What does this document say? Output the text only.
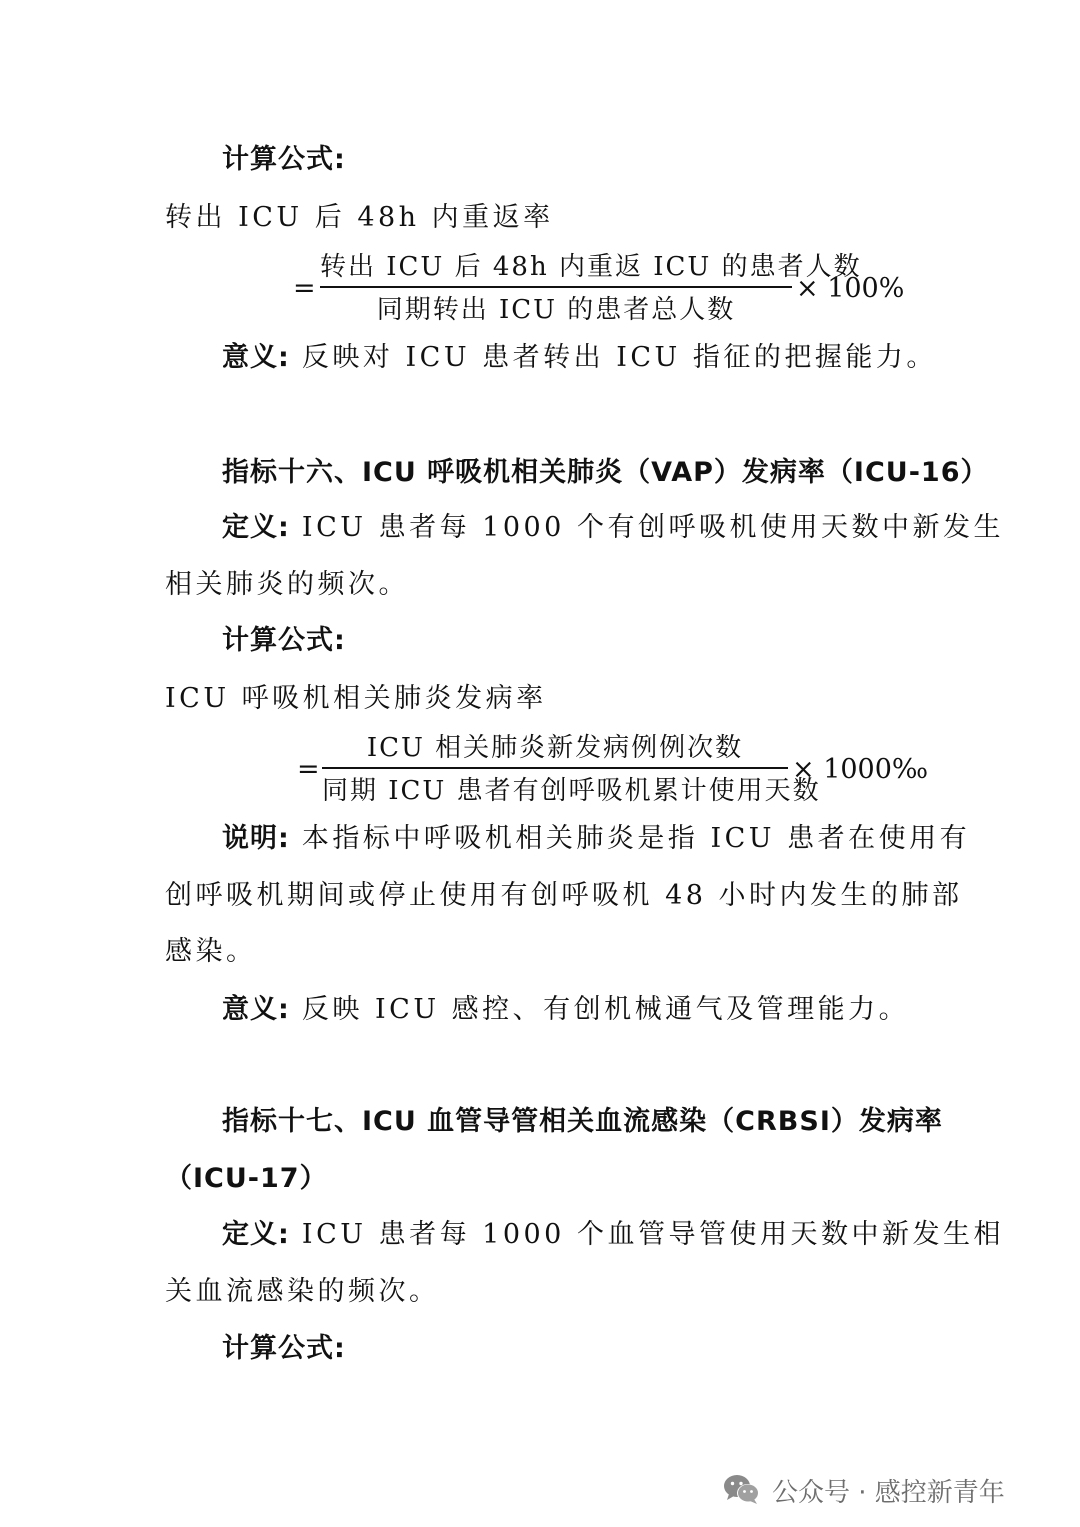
计算公式:
转出 ICU 后 48h 内重返率
=
转出 ICU 后 48h 内重返 ICU 的患者人数
同期转出 ICU 的患者总人数
× 100%
意义: 反映对 ICU 患者转出 ICU 指征的把握能力。
指标十六、ICU 呼吸机相关肺炎（VAP）发病率（ICU-16）
定义: ICU 患者每 1000 个有创呼吸机使用天数中新发生
相关肺炎的频次。
计算公式:
ICU 呼吸机相关肺炎发病率
=
ICU 相关肺炎新发病例例次数
同期 ICU 患者有创呼吸机累计使用天数
× 1000‰
说明: 本指标中呼吸机相关肺炎是指 ICU 患者在使用有
创呼吸机期间或停止使用有创呼吸机 48 小时内发生的肺部
感染。
意义: 反映 ICU 感控、有创机械通气及管理能力。
指标十七、ICU 血管导管相关血流感染（CRBSI）发病率
（ICU-17）
定义: ICU 患者每 1000 个血管导管使用天数中新发生相
关血流感染的频次。
计算公式:
公众号 · 感控新青年
